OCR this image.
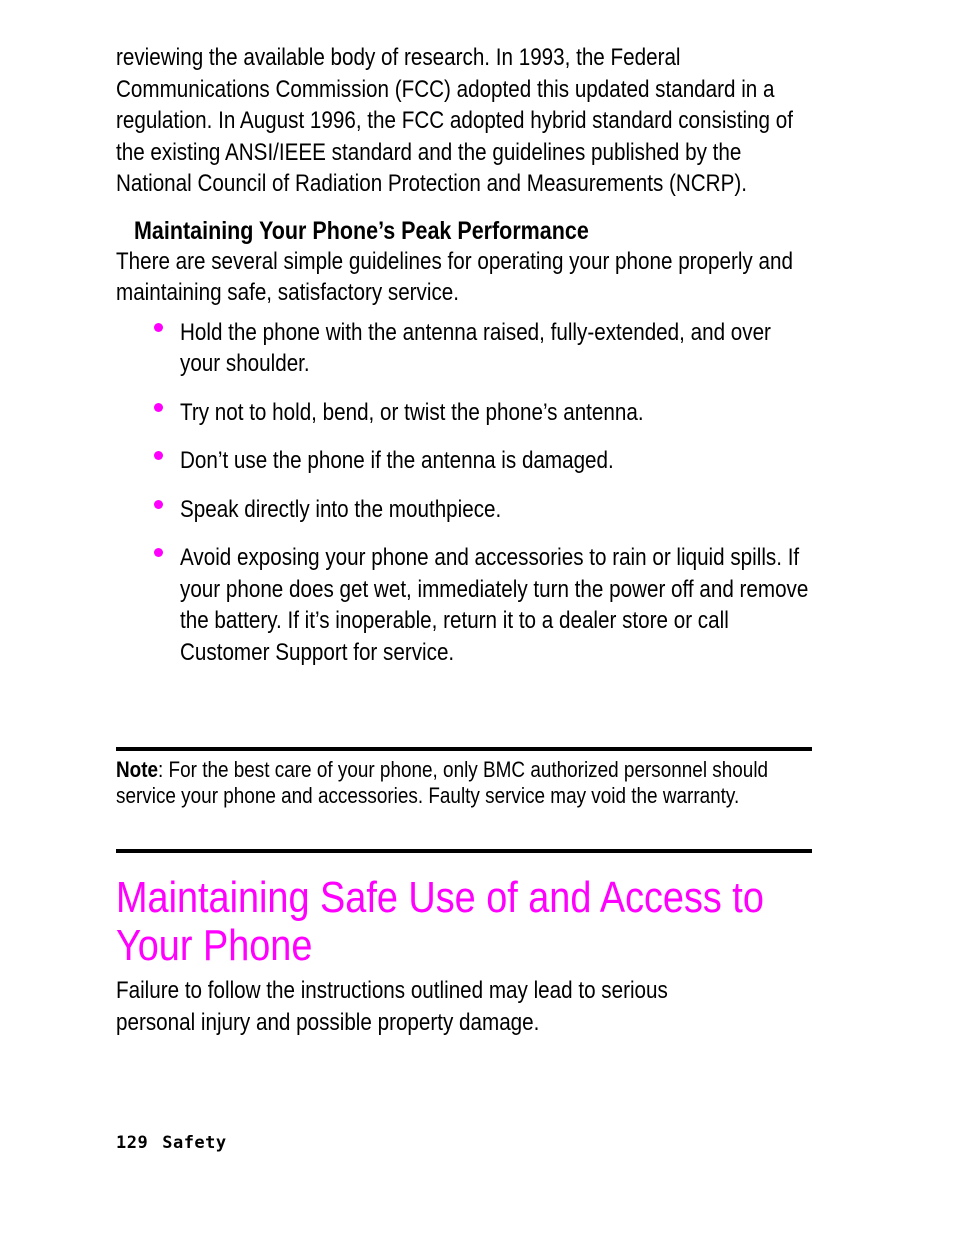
reviewing the available body of research. In 1993, the Federal Communications Commission (FCC) adopted this updated standard in a regulation. In August 1996, the FCC adopted hybrid standard consisting of the existing ANSI/IEEE standard and the guidelines published by the National Council of Radiation Protection and Measurements (NCRP).

Maintaining Your Phone’s Peak Performance

There are several simple guidelines for operating your phone properly and maintaining safe, satisfactory service.

Hold the phone with the antenna raised, fully-extended, and over your shoulder.
Try not to hold, bend, or twist the phone’s antenna.
Don’t use the phone if the antenna is damaged.
Speak directly into the mouthpiece.
Avoid exposing your phone and accessories to rain or liquid spills. If your phone does get wet, immediately turn the power off and remove the battery. If it’s inoperable, return it to a dealer store or call Customer Support for service.

Note: For the best care of your phone, only BMC authorized personnel should service your phone and accessories. Faulty service may void the warranty.

Maintaining Safe Use of and Access to Your Phone

Failure to follow the instructions outlined may lead to serious personal injury and possible property damage.

129 Safety
